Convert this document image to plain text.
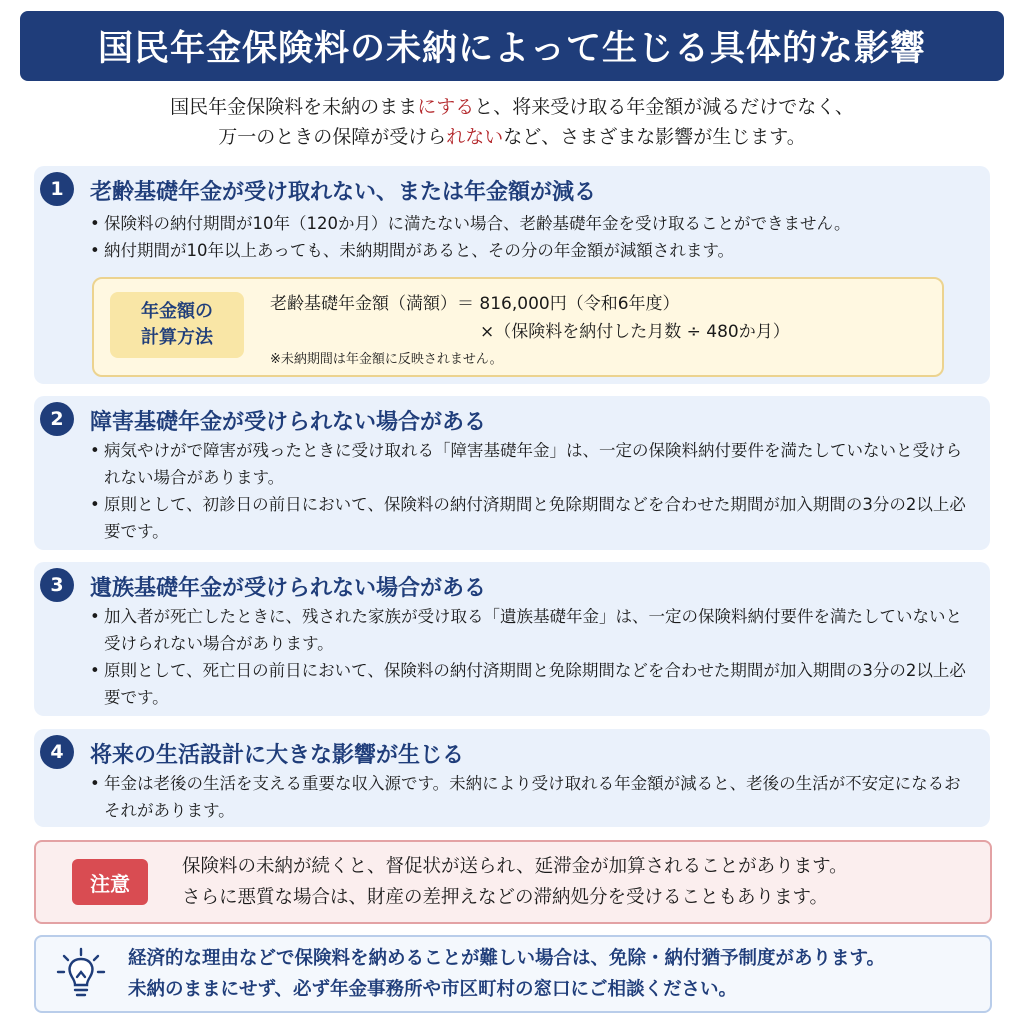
国民年金保険料の未納によって生じる具体的な影響
国民年金保険料を未納のままにすると、将来受け取る年金額が減るだけでなく、
万一のときの保障が受けられないなど、さまざまな影響が生じます。
1	老齢基礎年金が受け取れない、または年金額が減る
• 保険料の納付期間が10年（120か月）に満たない場合、老齢基礎年金を受け取ることができません。
• 納付期間が10年以上あっても、未納期間があると、その分の年金額が減額されます。
年金額の
計算方法
老齢基礎年金額（満額）＝ 816,000円（令和6年度）
×（保険料を納付した月数 ÷ 480か月）
※未納期間は年金額に反映されません。
2	障害基礎年金が受けられない場合がある
• 病気やけがで障害が残ったときに受け取れる「障害基礎年金」は、一定の保険料納付要件を満たしていないと受けられない場合があります。
• 原則として、初診日の前日において、保険料の納付済期間と免除期間などを合わせた期間が加入期間の3分の2以上必要です。
3	遺族基礎年金が受けられない場合がある
• 加入者が死亡したときに、残された家族が受け取る「遺族基礎年金」は、一定の保険料納付要件を満たしていないと受けられない場合があります。
• 原則として、死亡日の前日において、保険料の納付済期間と免除期間などを合わせた期間が加入期間の3分の2以上必要です。
4	将来の生活設計に大きな影響が生じる
• 年金は老後の生活を支える重要な収入源です。未納により受け取れる年金額が減ると、老後の生活が不安定になるおそれがあります。
注意
保険料の未納が続くと、督促状が送られ、延滞金が加算されることがあります。
さらに悪質な場合は、財産の差押えなどの滞納処分を受けることもあります。
経済的な理由などで保険料を納めることが難しい場合は、免除・納付猶予制度があります。
未納のままにせず、必ず年金事務所や市区町村の窓口にご相談ください。
